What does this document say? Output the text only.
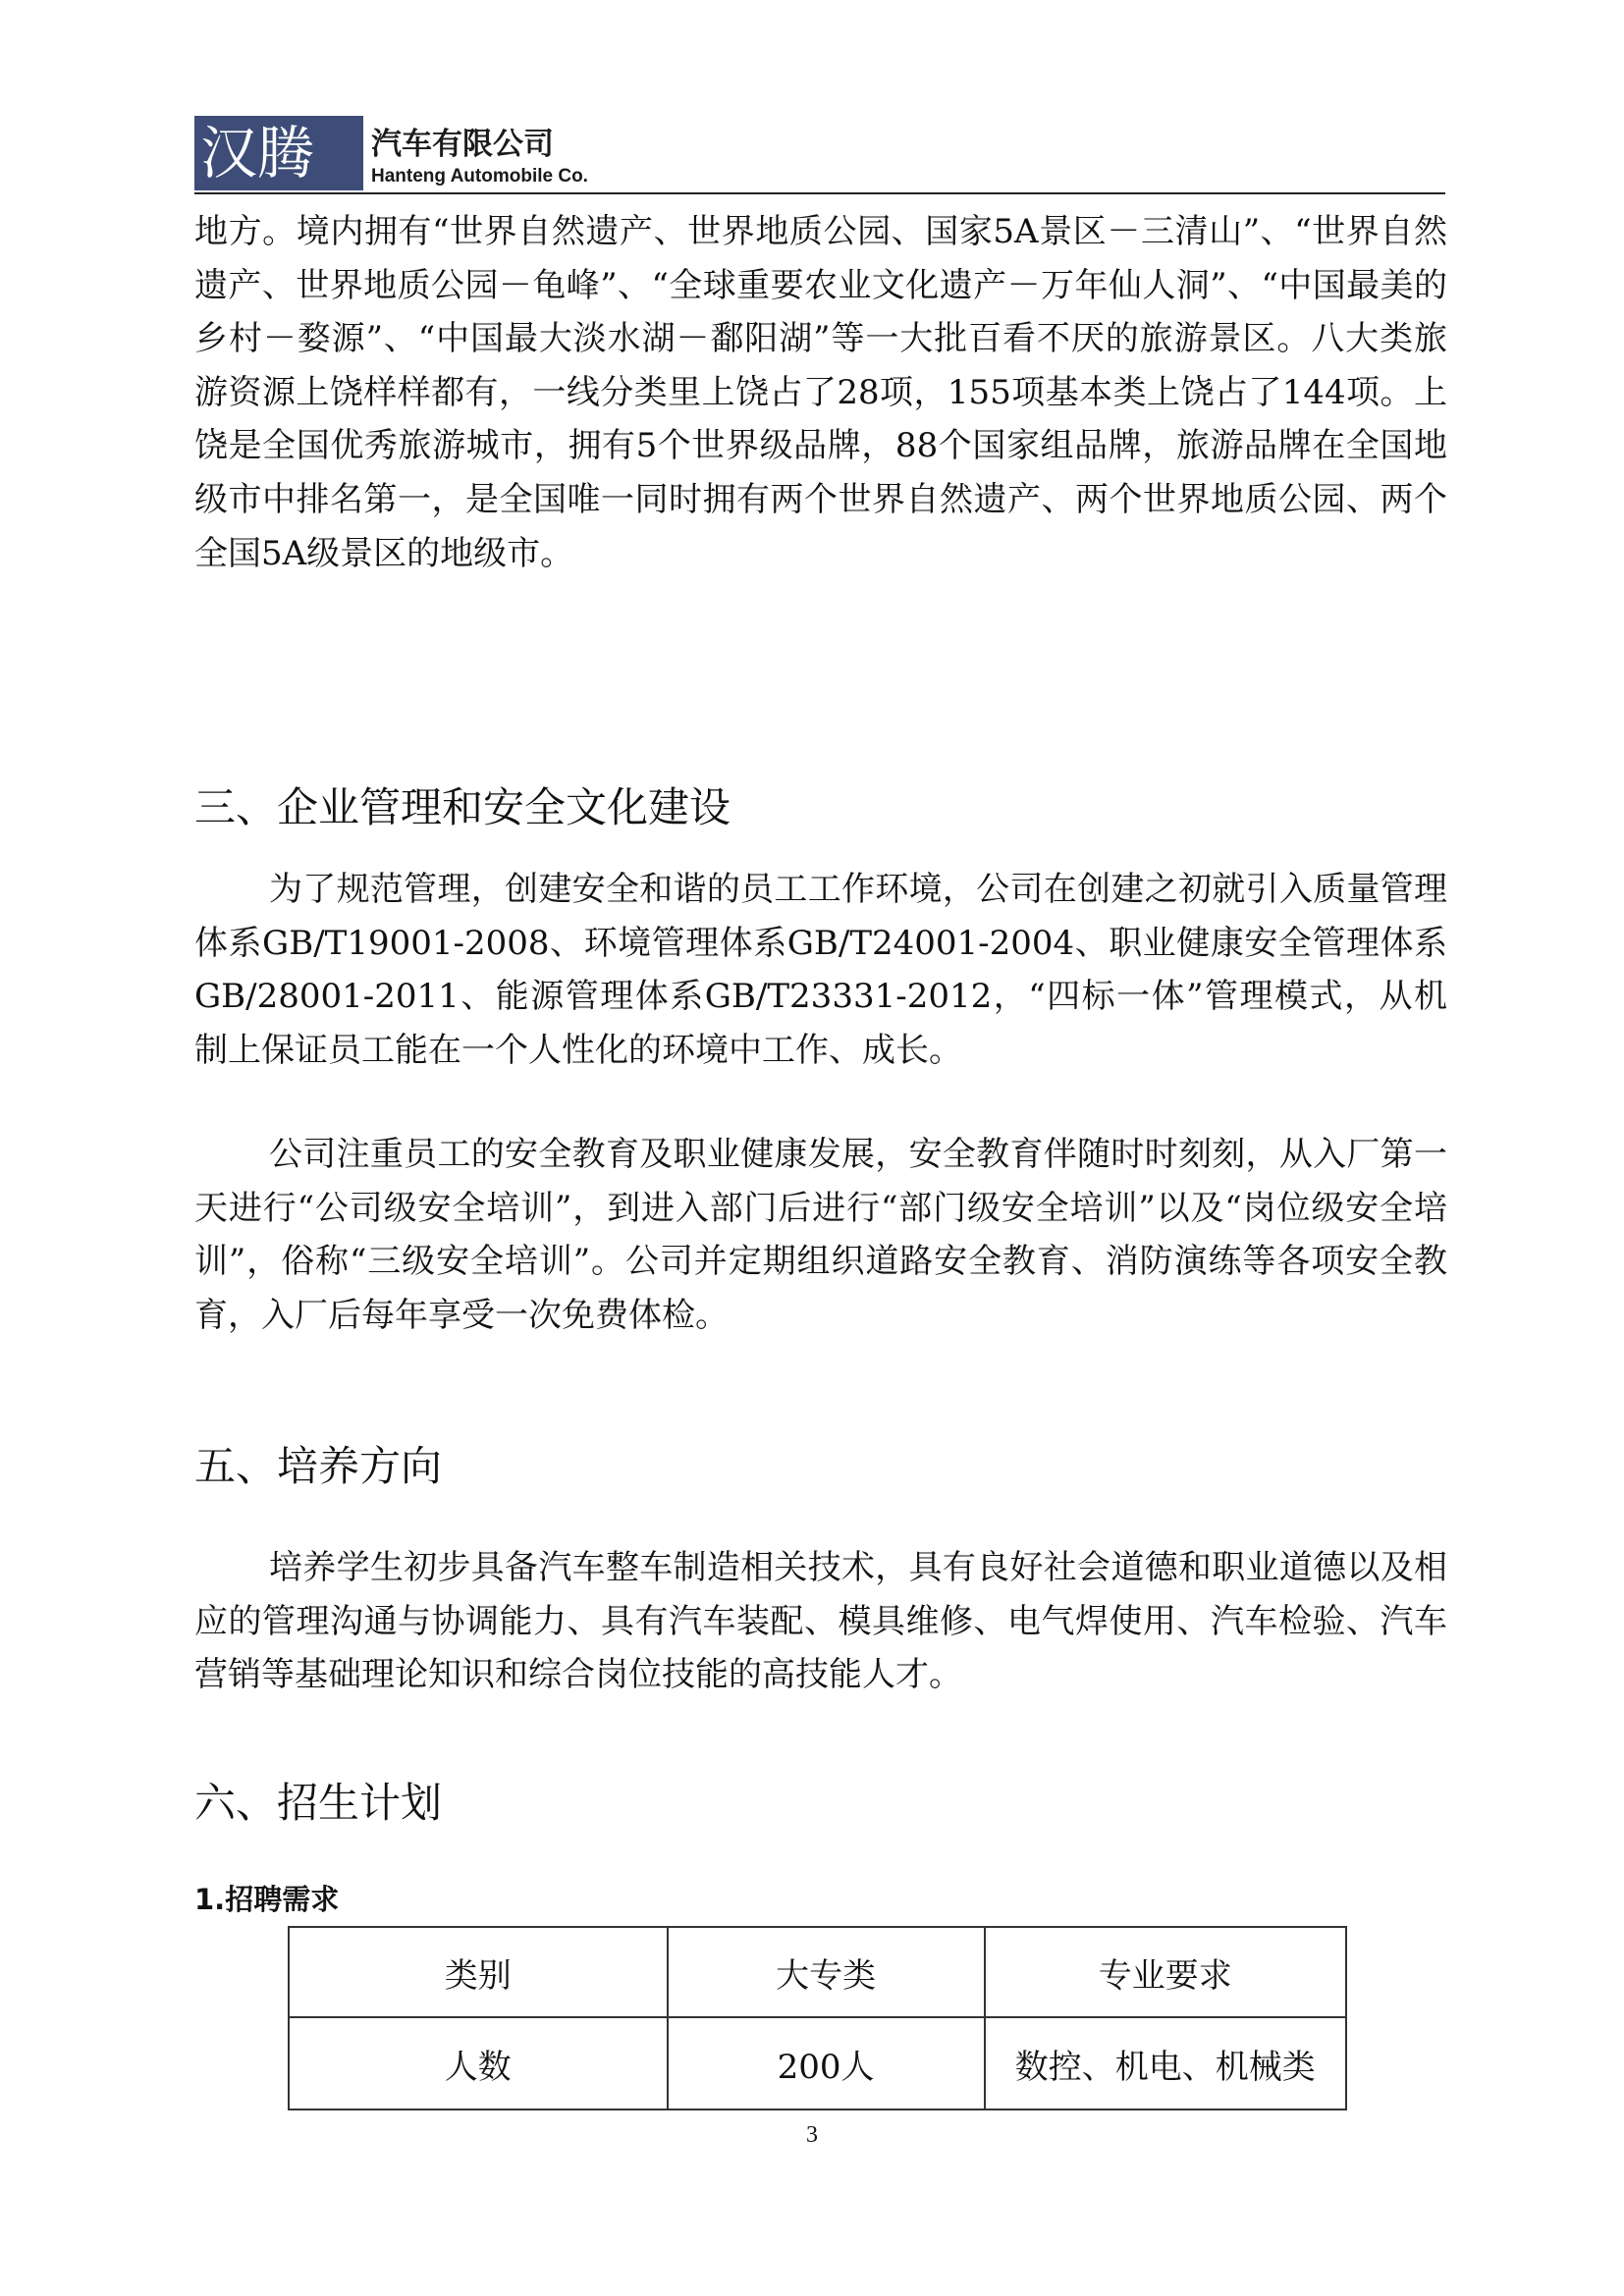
汉腾 汽车有限公司
Hanteng Automobile Co.

地方。境内拥有“世界自然遗产、世界地质公园、国家5A景区－三清山”、“世界自然遗产、世界地质公园－龟峰”、“全球重要农业文化遗产－万年仙人洞”、“中国最美的乡村－婺源”、“中国最大淡水湖－鄱阳湖”等一大批百看不厌的旅游景区。八大类旅游资源上饶样样都有，一线分类里上饶占了28项，155项基本类上饶占了144项。上饶是全国优秀旅游城市，拥有5个世界级品牌，88个国家组品牌，旅游品牌在全国地级市中排名第一，是全国唯一同时拥有两个世界自然遗产、两个世界地质公园、两个全国5A级景区的地级市。

三、企业管理和安全文化建设

为了规范管理，创建安全和谐的员工工作环境，公司在创建之初就引入质量管理体系GB/T19001-2008、环境管理体系GB/T24001-2004、职业健康安全管理体系GB/28001-2011、能源管理体系GB/T23331-2012，“四标一体”管理模式，从机制上保证员工能在一个人性化的环境中工作、成长。

公司注重员工的安全教育及职业健康发展，安全教育伴随时时刻刻，从入厂第一天进行“公司级安全培训”，到进入部门后进行“部门级安全培训”以及“岗位级安全培训”，俗称“三级安全培训”。公司并定期组织道路安全教育、消防演练等各项安全教育，入厂后每年享受一次免费体检。

五、培养方向

培养学生初步具备汽车整车制造相关技术，具有良好社会道德和职业道德以及相应的管理沟通与协调能力、具有汽车装配、模具维修、电气焊使用、汽车检验、汽车营销等基础理论知识和综合岗位技能的高技能人才。

六、招生计划
1.招聘需求
类别	大专类	专业要求
人数	200人	数控、机电、机械类
3
